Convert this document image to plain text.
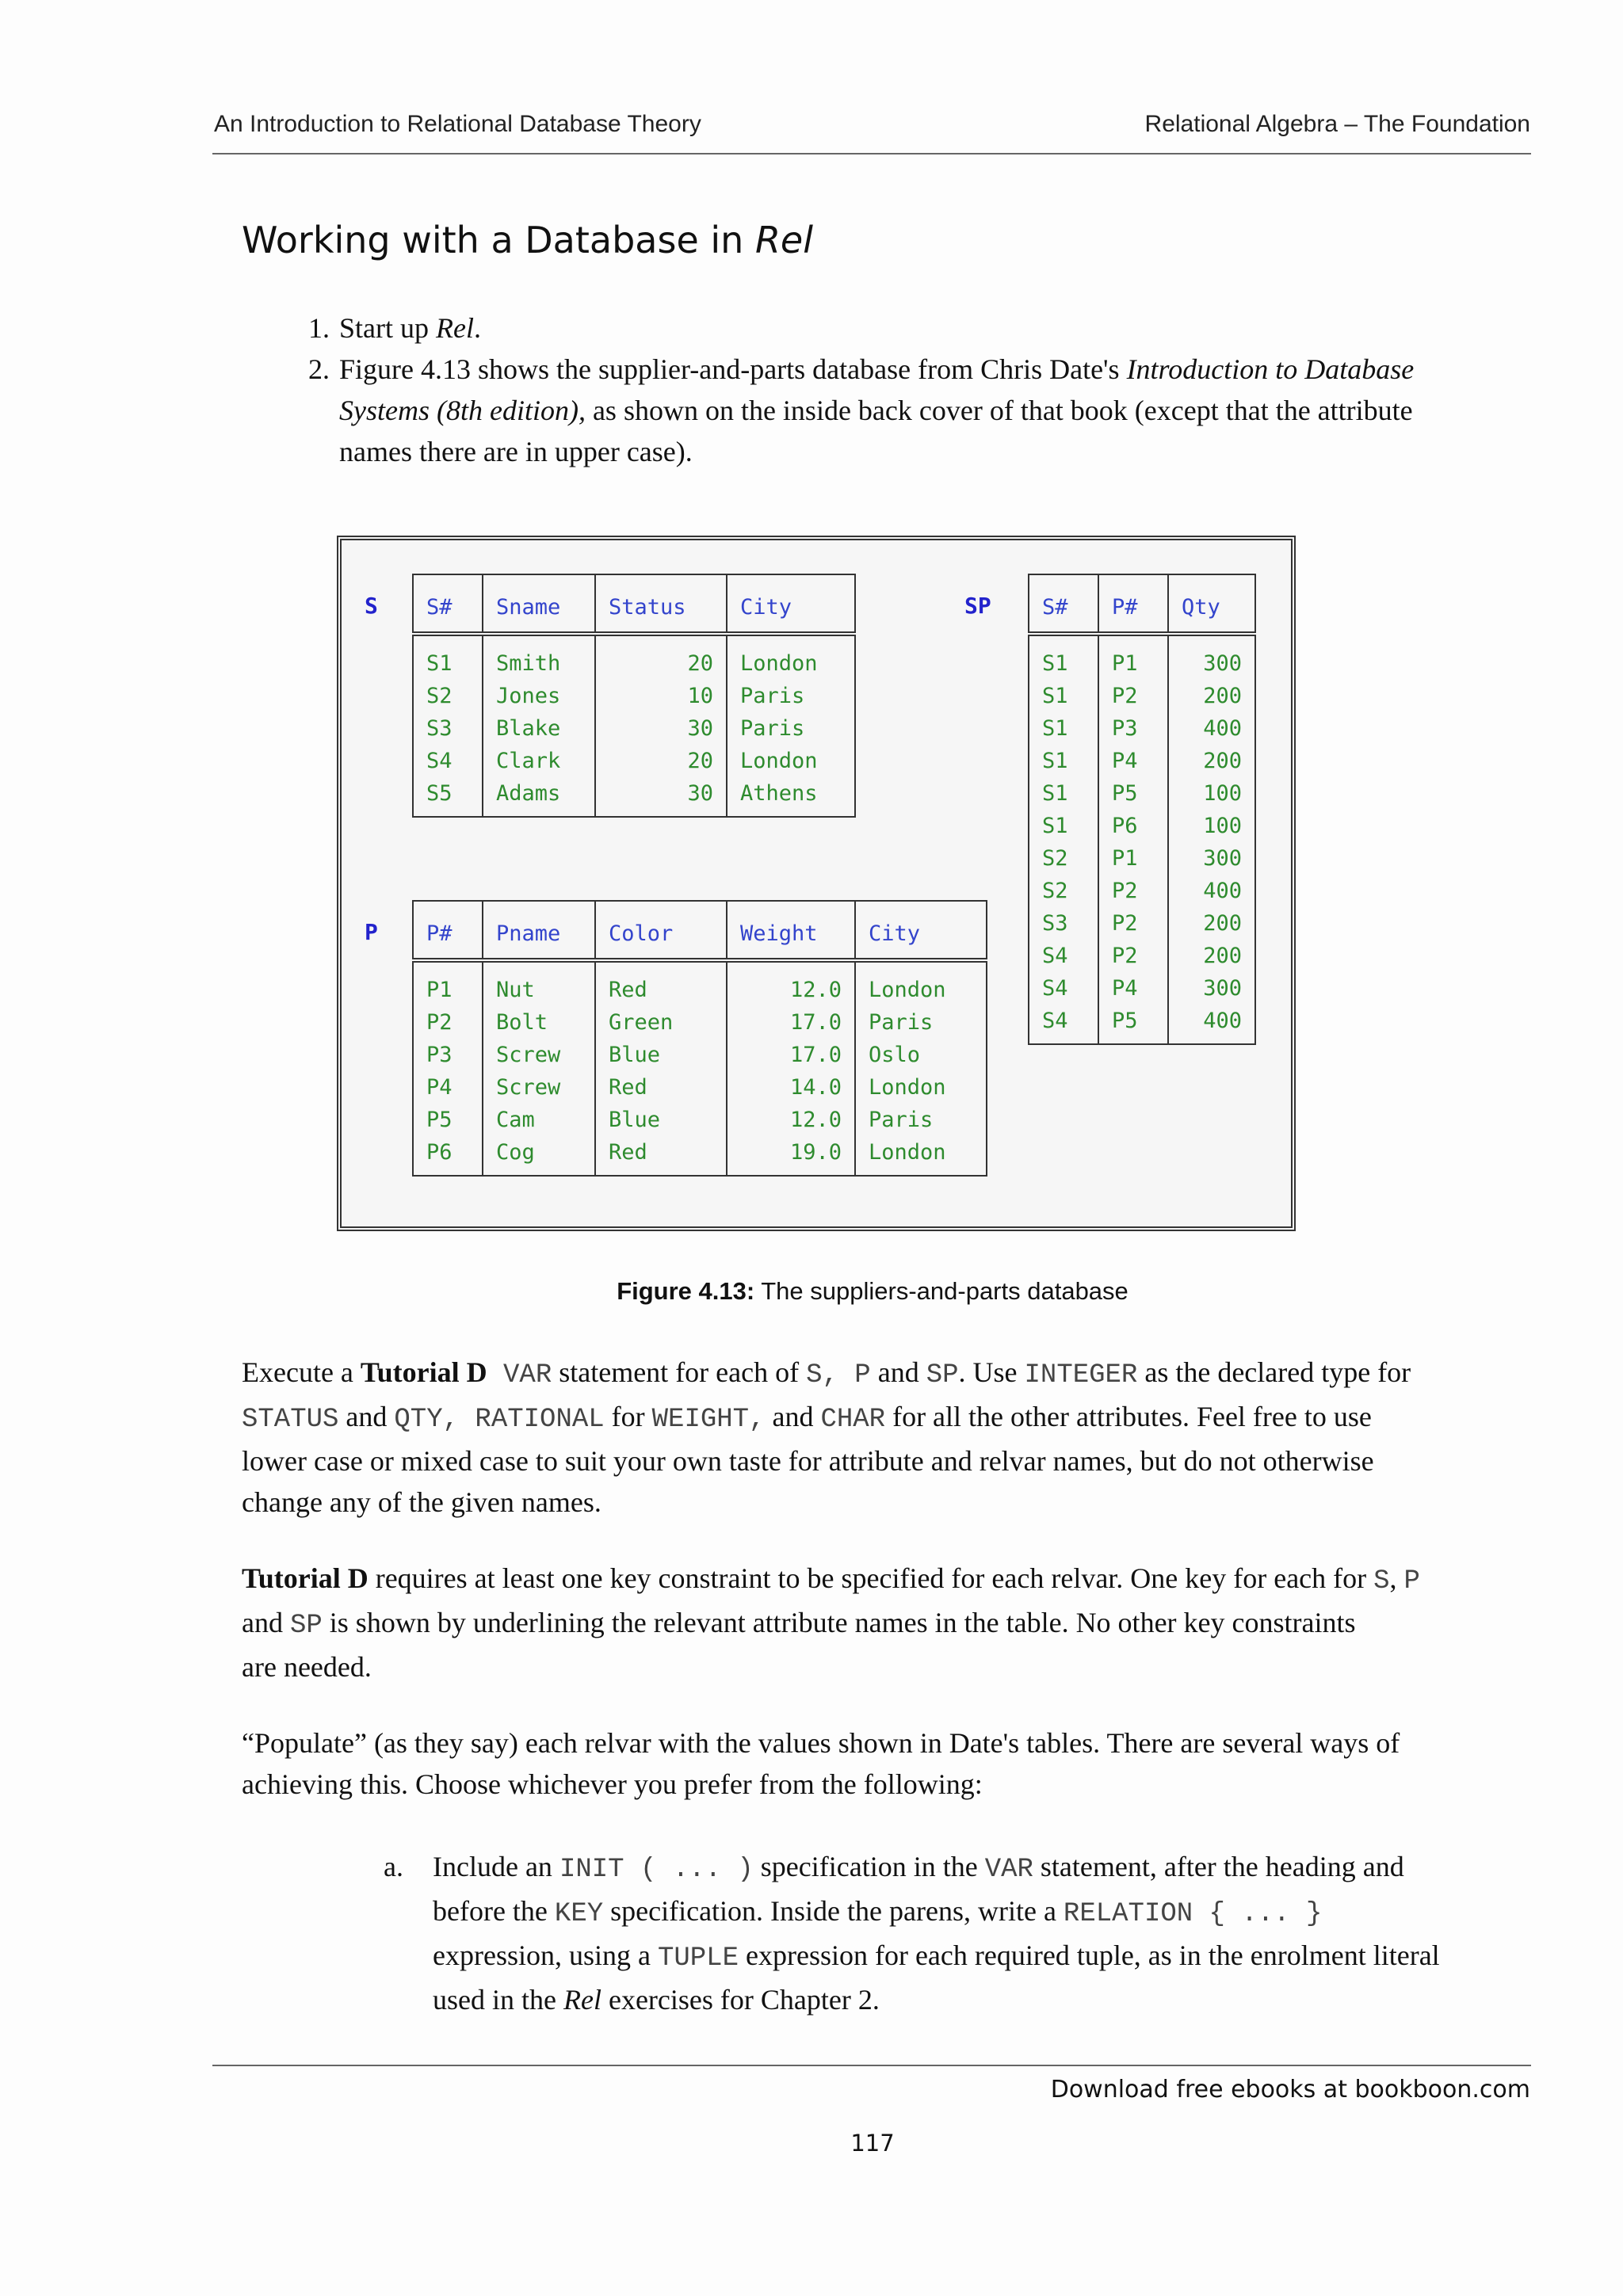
An Introduction to Relational Database Theory	Relational Algebra – The Foundation
Working with a Database in Rel
1. Start up Rel.
2. Figure 4.13 shows the supplier-and-parts database from Chris Date's Introduction to Database
Systems (8th edition), as shown on the inside back cover of that book (except that the attribute
names there are in upper case).
S S#	Sname	Status	City

S1	Smith	20	London
S2	Jones	10	Paris
S3	Blake	30	Paris
S4	Clark	20	London
S5	Adams	30	Athens
SP S#	P#	Qty

S1	P1	300
S1	P2	200
S1	P3	400
S1	P4	200
S1	P5	100
S1	P6	100
S2	P1	300
S2	P2	400
S3	P2	200
S4	P2	200
S4	P4	300
S4	P5	400
P P#	Pname	Color	Weight	City

P1	Nut	Red	12.0	London
P2	Bolt	Green	17.0	Paris
P3	Screw	Blue	17.0	Oslo
P4	Screw	Red	14.0	London
P5	Cam	Blue	12.0	Paris
P6	Cog	Red	19.0	London
Figure 4.13: The suppliers-and-parts database
Execute a Tutorial D VAR statement for each of S, P and SP. Use INTEGER as the declared type for
STATUS and QTY, RATIONAL for WEIGHT, and CHAR for all the other attributes. Feel free to use
lower case or mixed case to suit your own taste for attribute and relvar names, but do not otherwise
change any of the given names.
Tutorial D requires at least one key constraint to be specified for each relvar. One key for each for S, P
and SP is shown by underlining the relevant attribute names in the table. No other key constraints
are needed.
“Populate” (as they say) each relvar with the values shown in Date's tables. There are several ways of
achieving this. Choose whichever you prefer from the following:
a. Include an INIT ( ... ) specification in the VAR statement, after the heading and
before the KEY specification. Inside the parens, write a RELATION { ... }
expression, using a TUPLE expression for each required tuple, as in the enrolment literal
used in the Rel exercises for Chapter 2.
Download free ebooks at bookboon.com
117
